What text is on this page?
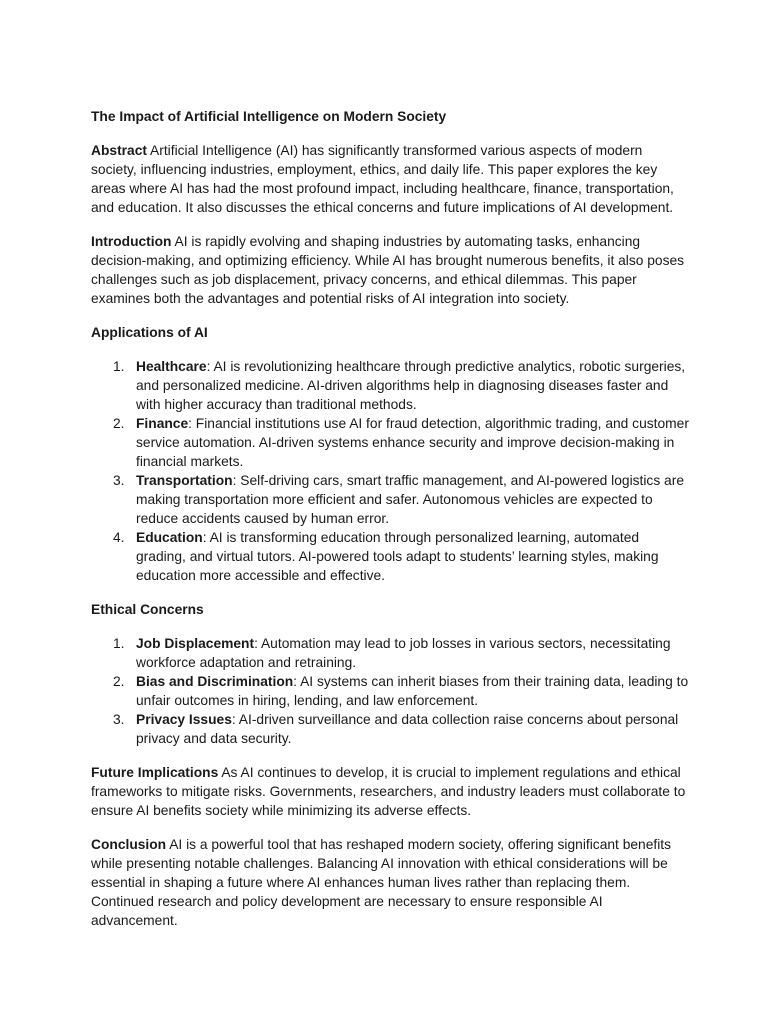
The Impact of Artificial Intelligence on Modern Society

Abstract Artificial Intelligence (AI) has significantly transformed various aspects of modern society, influencing industries, employment, ethics, and daily life. This paper explores the key areas where AI has had the most profound impact, including healthcare, finance, transportation, and education. It also discusses the ethical concerns and future implications of AI development.

Introduction AI is rapidly evolving and shaping industries by automating tasks, enhancing decision-making, and optimizing efficiency. While AI has brought numerous benefits, it also poses challenges such as job displacement, privacy concerns, and ethical dilemmas. This paper examines both the advantages and potential risks of AI integration into society.

Applications of AI
1. Healthcare: AI is revolutionizing healthcare through predictive analytics, robotic surgeries, and personalized medicine. AI-driven algorithms help in diagnosing diseases faster and with higher accuracy than traditional methods.
2. Finance: Financial institutions use AI for fraud detection, algorithmic trading, and customer service automation. AI-driven systems enhance security and improve decision-making in financial markets.
3. Transportation: Self-driving cars, smart traffic management, and AI-powered logistics are making transportation more efficient and safer. Autonomous vehicles are expected to reduce accidents caused by human error.
4. Education: AI is transforming education through personalized learning, automated grading, and virtual tutors. AI-powered tools adapt to students’ learning styles, making education more accessible and effective.
Ethical Concerns
1. Job Displacement: Automation may lead to job losses in various sectors, necessitating workforce adaptation and retraining.
2. Bias and Discrimination: AI systems can inherit biases from their training data, leading to unfair outcomes in hiring, lending, and law enforcement.
3. Privacy Issues: AI-driven surveillance and data collection raise concerns about personal privacy and data security.

Future Implications As AI continues to develop, it is crucial to implement regulations and ethical frameworks to mitigate risks. Governments, researchers, and industry leaders must collaborate to ensure AI benefits society while minimizing its adverse effects.

Conclusion AI is a powerful tool that has reshaped modern society, offering significant benefits while presenting notable challenges. Balancing AI innovation with ethical considerations will be essential in shaping a future where AI enhances human lives rather than replacing them. Continued research and policy development are necessary to ensure responsible AI advancement.
